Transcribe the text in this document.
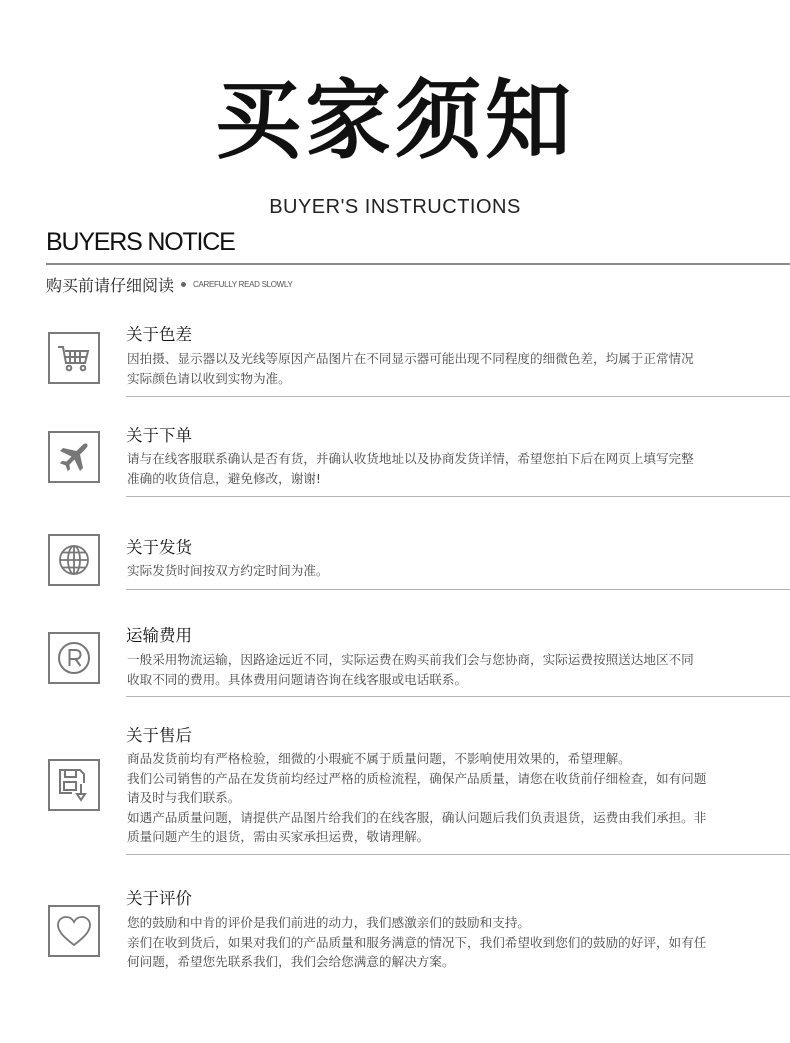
买家须知
BUYER'S INSTRUCTIONS
BUYERS NOTICE
购买前请仔细阅读 CAREFULLY READ SLOWLY
关于色差
因拍摄、显示器以及光线等原因产品图片在不同显示器可能出现不同程度的细微色差，均属于正常情况
实际颜色请以收到实物为准。
关于下单
请与在线客服联系确认是否有货，并确认收货地址以及协商发货详情，希望您拍下后在网页上填写完整
准确的收货信息，避免修改，谢谢!
关于发货
实际发货时间按双方约定时间为准。
运输费用
一般采用物流运输，因路途远近不同，实际运费在购买前我们会与您协商，实际运费按照送达地区不同
收取不同的费用。具体费用问题请咨询在线客服或电话联系。
关于售后
商品发货前均有严格检验，细微的小瑕疵不属于质量问题，不影响使用效果的，希望理解。
我们公司销售的产品在发货前均经过严格的质检流程，确保产品质量，请您在收货前仔细检查，如有问题
请及时与我们联系。
如遇产品质量问题，请提供产品图片给我们的在线客服，确认问题后我们负责退货，运费由我们承担。非
质量问题产生的退货，需由买家承担运费，敬请理解。
关于评价
您的鼓励和中肯的评价是我们前进的动力，我们感激亲们的鼓励和支持。
亲们在收到货后，如果对我们的产品质量和服务满意的情况下，我们希望收到您们的鼓励的好评，如有任
何问题，希望您先联系我们，我们会给您满意的解决方案。
